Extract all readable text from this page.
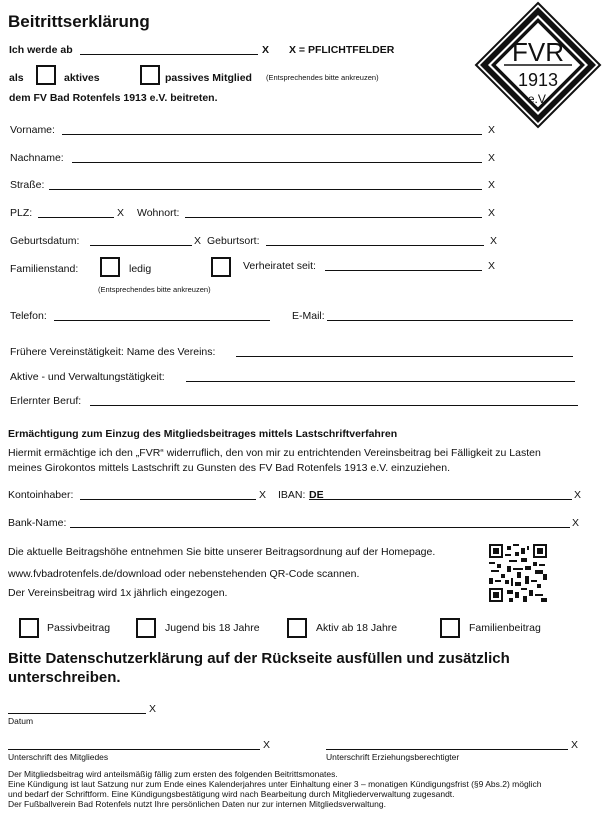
Beitrittserklärung
Ich werde ab	X X = PFLICHTFELDER
als	aktives	passives Mitglied (Entsprechendes bitte ankreuzen)
dem FV Bad Rotenfels 1913 e.V. beitreten.
FVR
1913
e.V.
Vorname:	X
Nachname:	X
Straße:	X
PLZ:	X Wohnort:	X
Geburtsdatum:	X Geburtsort:	X
Familienstand:	ledig	Verheiratet seit:	X
(Entsprechendes bitte ankreuzen)
Telefon:	E-Mail:
Frühere Vereinstätigkeit: Name des Vereins:
Aktive - und Verwaltungstätigkeit:
Erlernter Beruf:
Ermächtigung zum Einzug des Mitgliedsbeitrages mittels Lastschriftverfahren
Hiermit ermächtige ich den „FVR“ widerruflich, den von mir zu entrichtenden Vereinsbeitrag bei Fälligkeit zu Lasten
meines Girokontos mittels Lastschrift zu Gunsten des FV Bad Rotenfels 1913 e.V. einzuziehen.
Kontoinhaber:	X IBAN: DE	X
Bank-Name:	X
Die aktuelle Beitragshöhe entnehmen Sie bitte unserer Beitragsordnung auf der Homepage.
www.fvbadrotenfels.de/download oder nebenstehenden QR-Code scannen.
Der Vereinsbeitrag wird 1x jährlich eingezogen.
Passivbeitrag	Jugend bis 18 Jahre	Aktiv ab 18 Jahre	Familienbeitrag
Bitte Datenschutzerklärung auf der Rückseite ausfüllen und zusätzlich
unterschreiben.
X
Datum
X
Unterschrift des Mitgliedes
X
Unterschrift Erziehungsberechtigter
Der Mitgliedsbeitrag wird anteilsmäßig fällig zum ersten des folgenden Beitrittsmonates.
Eine Kündigung ist laut Satzung nur zum Ende eines Kalenderjahres unter Einhaltung einer 3 – monatigen Kündigungsfrist (§9 Abs.2) möglich
und bedarf der Schriftform. Eine Kündigungsbestätigung wird nach Bearbeitung durch Mitgliederverwaltung zugesandt.
Der Fußballverein Bad Rotenfels nutzt Ihre persönlichen Daten nur zur internen Mitgliedsverwaltung.
